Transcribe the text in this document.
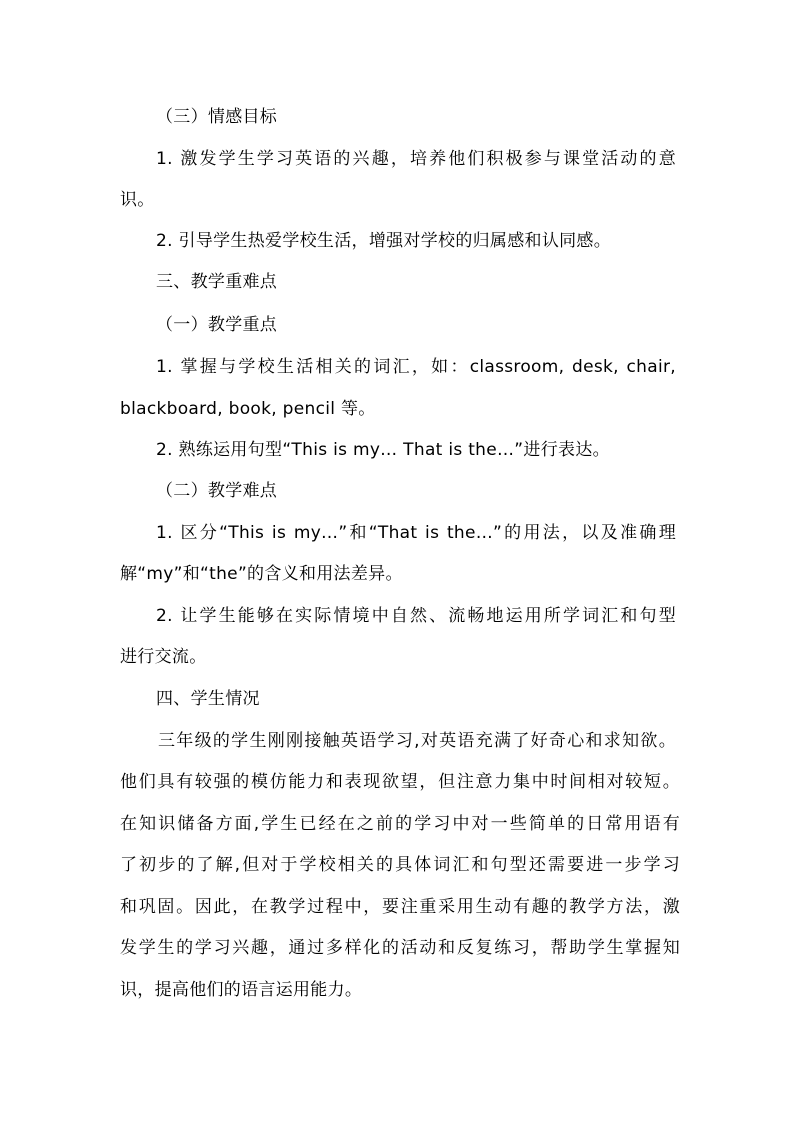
（三）情感目标
1. 激发学生学习英语的兴趣，培养他们积极参与课堂活动的意
识。
2. 引导学生热爱学校生活，增强对学校的归属感和认同感。
三、教学重难点
（一）教学重点
1. 掌握与学校生活相关的词汇，如：classroom, desk, chair,
blackboard, book, pencil 等。
2. 熟练运用句型“This is my… That is the…”进行表达。
（二）教学难点
1. 区分“This is my…”和“That is the…”的用法，以及准确理
解“my”和“the”的含义和用法差异。
2. 让学生能够在实际情境中自然、流畅地运用所学词汇和句型
进行交流。
四、学生情况
三年级的学生刚刚接触英语学习,对英语充满了好奇心和求知欲。
他们具有较强的模仿能力和表现欲望，但注意力集中时间相对较短。
在知识储备方面,学生已经在之前的学习中对一些简单的日常用语有
了初步的了解,但对于学校相关的具体词汇和句型还需要进一步学习
和巩固。因此，在教学过程中，要注重采用生动有趣的教学方法，激
发学生的学习兴趣，通过多样化的活动和反复练习，帮助学生掌握知
识，提高他们的语言运用能力。
